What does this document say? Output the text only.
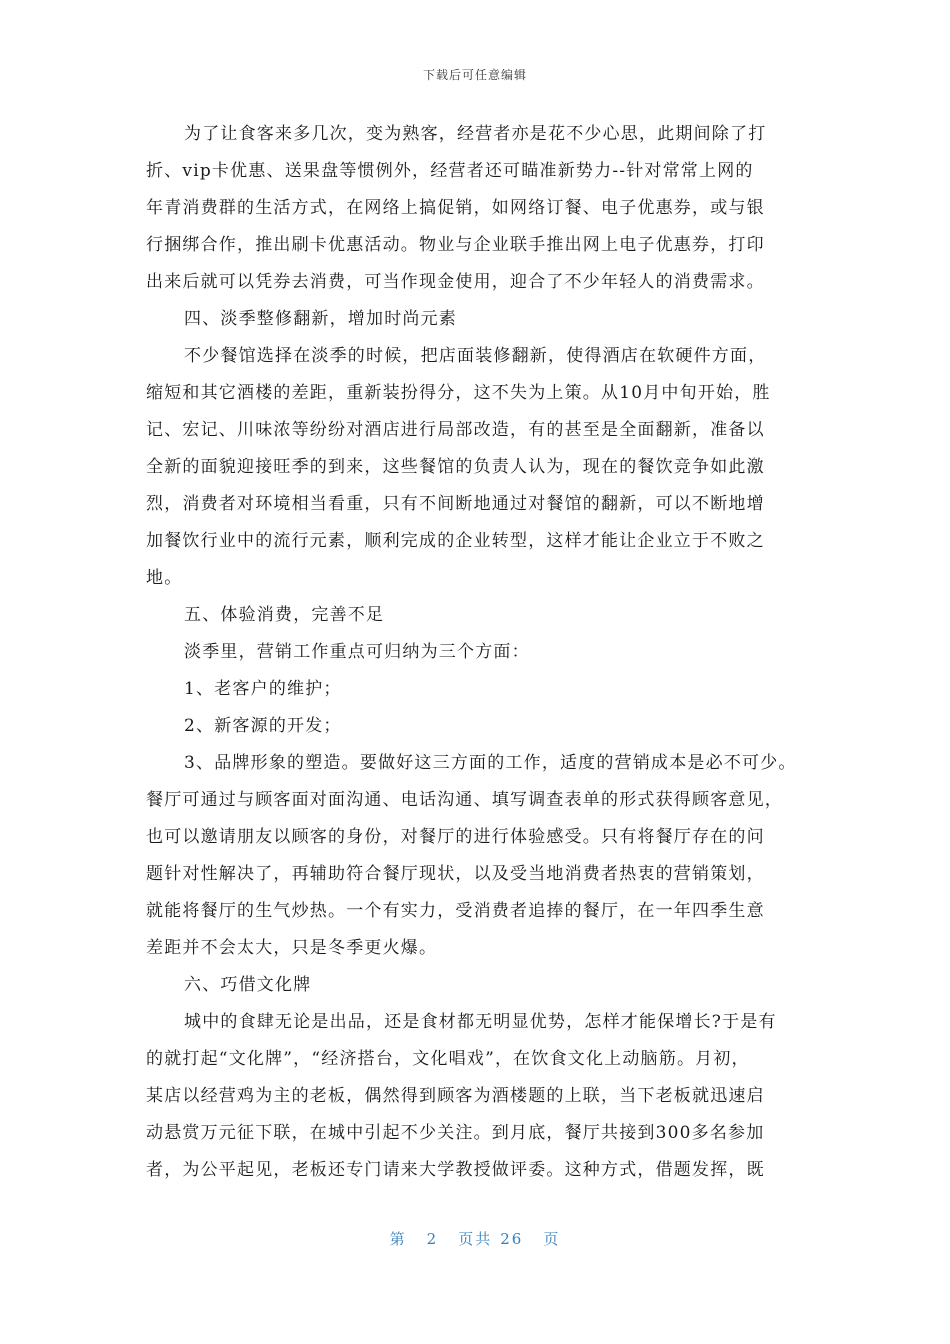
下载后可任意编辑
为了让食客来多几次，变为熟客，经营者亦是花不少心思，此期间除了打
折、vip卡优惠、送果盘等惯例外，经营者还可瞄准新势力--针对常常上网的
年青消费群的生活方式，在网络上搞促销，如网络订餐、电子优惠券，或与银
行捆绑合作，推出刷卡优惠活动。物业与企业联手推出网上电子优惠券，打印
出来后就可以凭券去消费，可当作现金使用，迎合了不少年轻人的消费需求。
四、淡季整修翻新，增加时尚元素
不少餐馆选择在淡季的时候，把店面装修翻新，使得酒店在软硬件方面，
缩短和其它酒楼的差距，重新装扮得分，这不失为上策。从10月中旬开始，胜
记、宏记、川味浓等纷纷对酒店进行局部改造，有的甚至是全面翻新，准备以
全新的面貌迎接旺季的到来，这些餐馆的负责人认为，现在的餐饮竞争如此激
烈，消费者对环境相当看重，只有不间断地通过对餐馆的翻新，可以不断地增
加餐饮行业中的流行元素，顺利完成的企业转型，这样才能让企业立于不败之
地。
五、体验消费，完善不足
淡季里，营销工作重点可归纳为三个方面：
1、老客户的维护；
2、新客源的开发；
3、品牌形象的塑造。要做好这三方面的工作，适度的营销成本是必不可少。
餐厅可通过与顾客面对面沟通、电话沟通、填写调查表单的形式获得顾客意见，
也可以邀请朋友以顾客的身份，对餐厅的进行体验感受。只有将餐厅存在的问
题针对性解决了，再辅助符合餐厅现状，以及受当地消费者热衷的营销策划，
就能将餐厅的生气炒热。一个有实力，受消费者追捧的餐厅，在一年四季生意
差距并不会太大，只是冬季更火爆。
六、巧借文化牌
城中的食肆无论是出品，还是食材都无明显优势，怎样才能保增长?于是有
的就打起“文化牌”，“经济搭台，文化唱戏”，在饮食文化上动脑筋。月初，
某店以经营鸡为主的老板，偶然得到顾客为酒楼题的上联，当下老板就迅速启
动悬赏万元征下联，在城中引起不少关注。到月底，餐厅共接到300多名参加
者，为公平起见，老板还专门请来大学教授做评委。这种方式，借题发挥，既
第 2 页共 26 页
